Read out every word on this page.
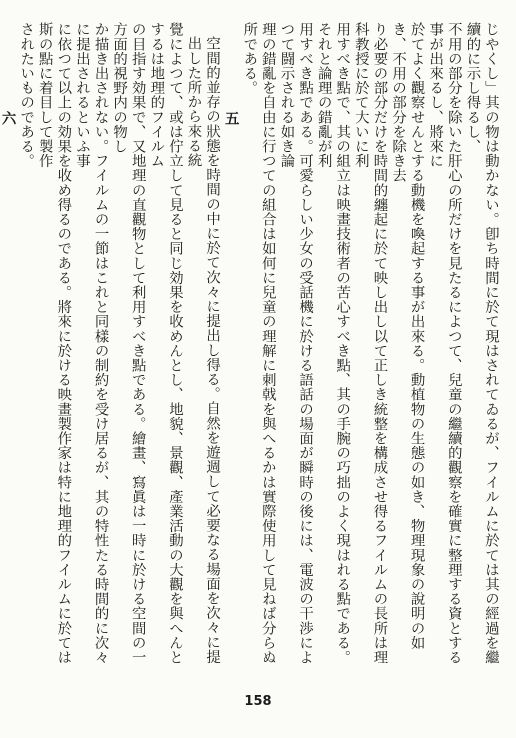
じやくし」其の物は動かない。卽ち時間に於て現はされてゐるが、フイルムに於ては其の經過を繼續的に示し得るし、
不用の部分を除いた肝心の所だけを見たるによつて、兒童の繼續的觀察を確實に整理する資とする事が出來るし、將來に
於てよく觀察せんとする動機を喚起する事が出來る。動植物の生態の如き、物理現象の說明の如き、不用の部分を除き去
り必要の部分だけを時間的纏起に於て映し出し以て正しき統整を構成させ得るフイルムの長所は理科教授に於て大いに利
用すべき點で、其の組立は映畫技術者の苦心すべき點、其の手腕の巧拙のよく現はれる點である。それと論理の錯亂が利
用すべき點である。可愛らしい少女の受話機に於ける語話の場面が瞬時の後には、電波の干渉によつて闘示される如き論
理の錯亂を自由に行つての組合は如何に兒童の理解に刺戟を與へるかは實際使用して見ねば分らぬ所である。
五
空間的並存の狀態を時間の中に於て次々に提出し得る。自然を遊週して必要なる場面を次々に提出した所から來る統
覺によつて、或は佇立して見ると同じ効果を收めんとし、地貌、景觀、產業活動の大觀を與へんとするは地理的フイルム
の目指す効果で、又地理の直觀物として利用すべき點である。繪畫、寫眞は一時に於ける空間の一方面的視野内の物し
か描き出されない。フイルムの一節はこれと同樣の制約を受け居るが、其の特性たる時間的に次々に提出されるといふ事
に依つて以上の効果を收め得るのである。將來に於ける映畫製作家は特に地理的フイルムに於ては斯の點に着目して製作
されたいものである。
六
158
